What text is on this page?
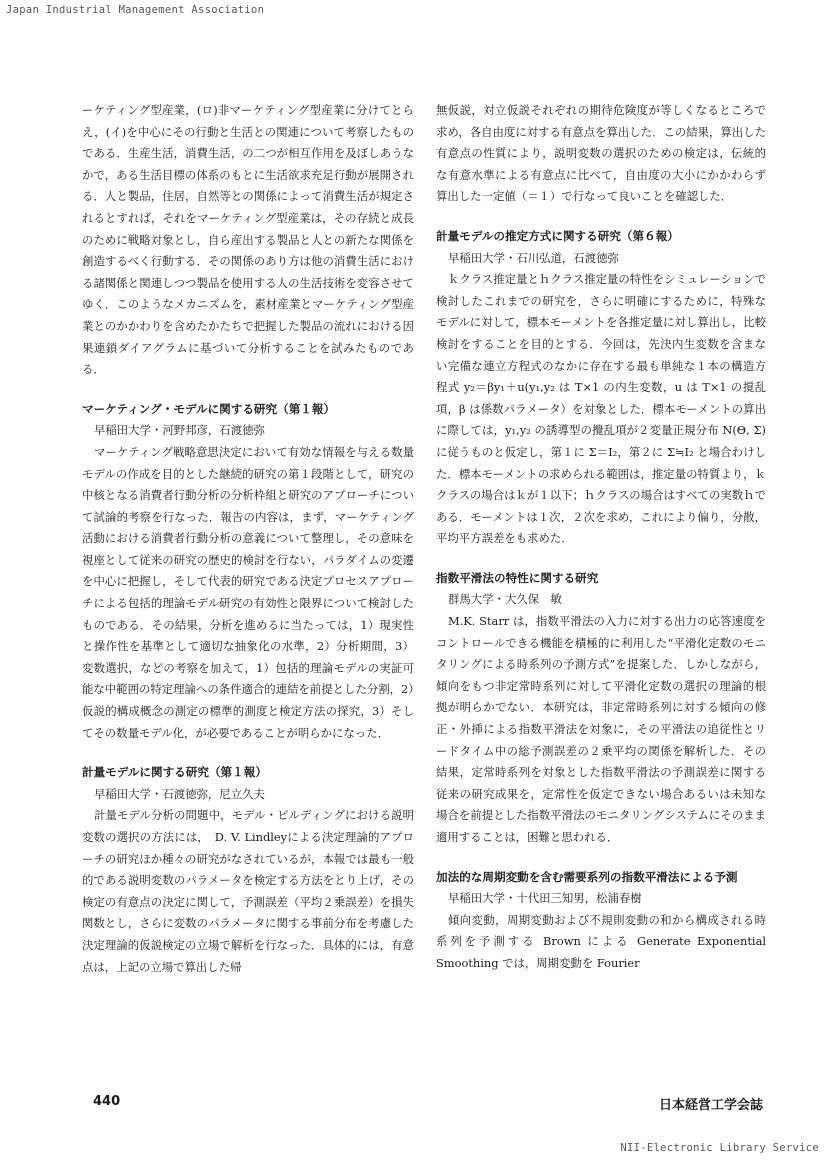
Japan Industrial Management Association

ーケティング型産業，(ロ)非マーケティング型産業に分けてとらえ，(イ)を中心にその行動と生活との関連について考察したものである．生産生活，消費生活，の二つが相互作用を及ぼしあうなかで，ある生活目標の体系のもとに生活欲求充足行動が展開される．人と製品，住居，自然等との関係によって消費生活が規定されるとすれば，それをマーケティング型産業は，その存続と成長のために戦略対象とし，自ら産出する製品と人との新たな関係を創造するべく行動する．その関係のあり方は他の消費生活における諸関係と関連しつつ製品を使用する人の生活技術を変容させてゆく．このようなメカニズムを，素材産業とマーケティング型産業とのかかわりを含めたかたちで把握した製品の流れにおける因果連鎖ダイアグラムに基づいて分析することを試みたものである．

マーケティング・モデルに関する研究（第１報）

早稲田大学・河野邦彦，石渡徳弥

マーケティング戦略意思決定において有効な情報を与える数量モデルの作成を目的とした継続的研究の第１段階として，研究の中核となる消費者行動分析の分析枠組と研究のアプローチについて試論的考察を行なった．報告の内容は，まず，マーケティング活動における消費者行動分析の意義について整理し，その意味を視座として従来の研究の歴史的検討を行ない，パラダイムの変遷を中心に把握し，そして代表的研究である決定プロセスアプローチによる包括的理論モデル研究の有効性と限界について検討したものである．その結果，分析を進めるに当たっては，1）現実性と操作性を基準として適切な抽象化の水準，2）分析期間，3）変数選択，などの考察を加えて，1）包括的理論モデルの実証可能な中範囲の特定理論への条件適合的連結を前提とした分割，2）仮説的構成概念の測定の標準的測度と検定方法の探究，3）そしてその数量モデル化，が必要であることが明らかになった．

計量モデルに関する研究（第１報）

早稲田大学・石渡徳弥，尼立久夫

計量モデル分析の問題中，モデル・ビルディングにおける説明変数の選択の方法には，　D. V. Lindleyによる決定理論的アプローチの研究ほか種々の研究がなされているが，本報では最も一般的である説明変数のパラメータを検定する方法をとり上げ，その検定の有意点の決定に関して，予測誤差（平均２乗誤差）を損失関数とし，さらに変数のパラメータに関する事前分布を考慮した決定理論的仮説検定の立場で解析を行なった．具体的には，有意点は，上記の立場で算出した帰

無仮説，対立仮説それぞれの期待危険度が等しくなるところで求め，各自由度に対する有意点を算出した．この結果，算出した有意点の性質により，説明変数の選択のための検定は，伝統的な有意水準による有意点に比べて，自由度の大小にかかわらず算出した一定値（＝１）で行なって良いことを確認した．

計量モデルの推定方式に関する研究（第６報）

早稲田大学・石川弘道，石渡徳弥

ｋクラス推定量とｈクラス推定量の特性をシミュレーションで検討したこれまでの研究を，さらに明確にするために，特殊なモデルに対して，標本モーメントを各推定量に対し算出し，比較検討をすることを目的とする．今回は，先決内生変数を含まない完備な連立方程式のなかに存在する最も単純な１本の構造方程式 y₂＝βy₁＋u(y₁,y₂ は T×1 の内生変数，u は T×1 の撹乱項，β は係数パラメータ）を対象とした．標本モーメントの算出に際しては，y₁,y₂ の誘導型の攪乱項が２変量正規分布 N(Θ, Σ) に従うものと仮定し，第１に Σ＝I₂，第２に Σ≒I₂ と場合わけした．標本モーメントの求められる範囲は，推定量の特質より，ｋクラスの場合はｋが１以下；ｈクラスの場合はすべての実数ｈである．モーメントは１次，２次を求め，これにより偏り，分散，平均平方誤差をも求めた．

指数平滑法の特性に関する研究

群馬大学・大久保　敏

M.K. Starr は，指数平滑法の入力に対する出力の応答速度をコントロールできる機能を積極的に利用した“平滑化定数のモニタリングによる時系列の予測方式”を提案した．しかしながら，傾向をもつ非定常時系列に対して平滑化定数の選択の理論的根拠が明らかでない．本研究は，非定常時系列に対する傾向の修正・外挿による指数平滑法を対象に，その平滑法の追従性とリードタイム中の総予測誤差の２乗平均の関係を解析した．その結果，定常時系列を対象とした指数平滑法の予測誤差に関する従来の研究成果を，定常性を仮定できない場合あるいは未知な場合を前提とした指数平滑法のモニタリングシステムにそのまま適用することは，困難と思われる．

加法的な周期変動を含む需要系列の指数平滑法による予測

早稲田大学・十代田三知男，松浦春樹

傾向変動，周期変動および不規則変動の和から構成される時系列を予測する Brown による Generate Exponential Smoothing では，周期変動を Fourier

440	日本経営工学会誌
NII-Electronic Library Service
